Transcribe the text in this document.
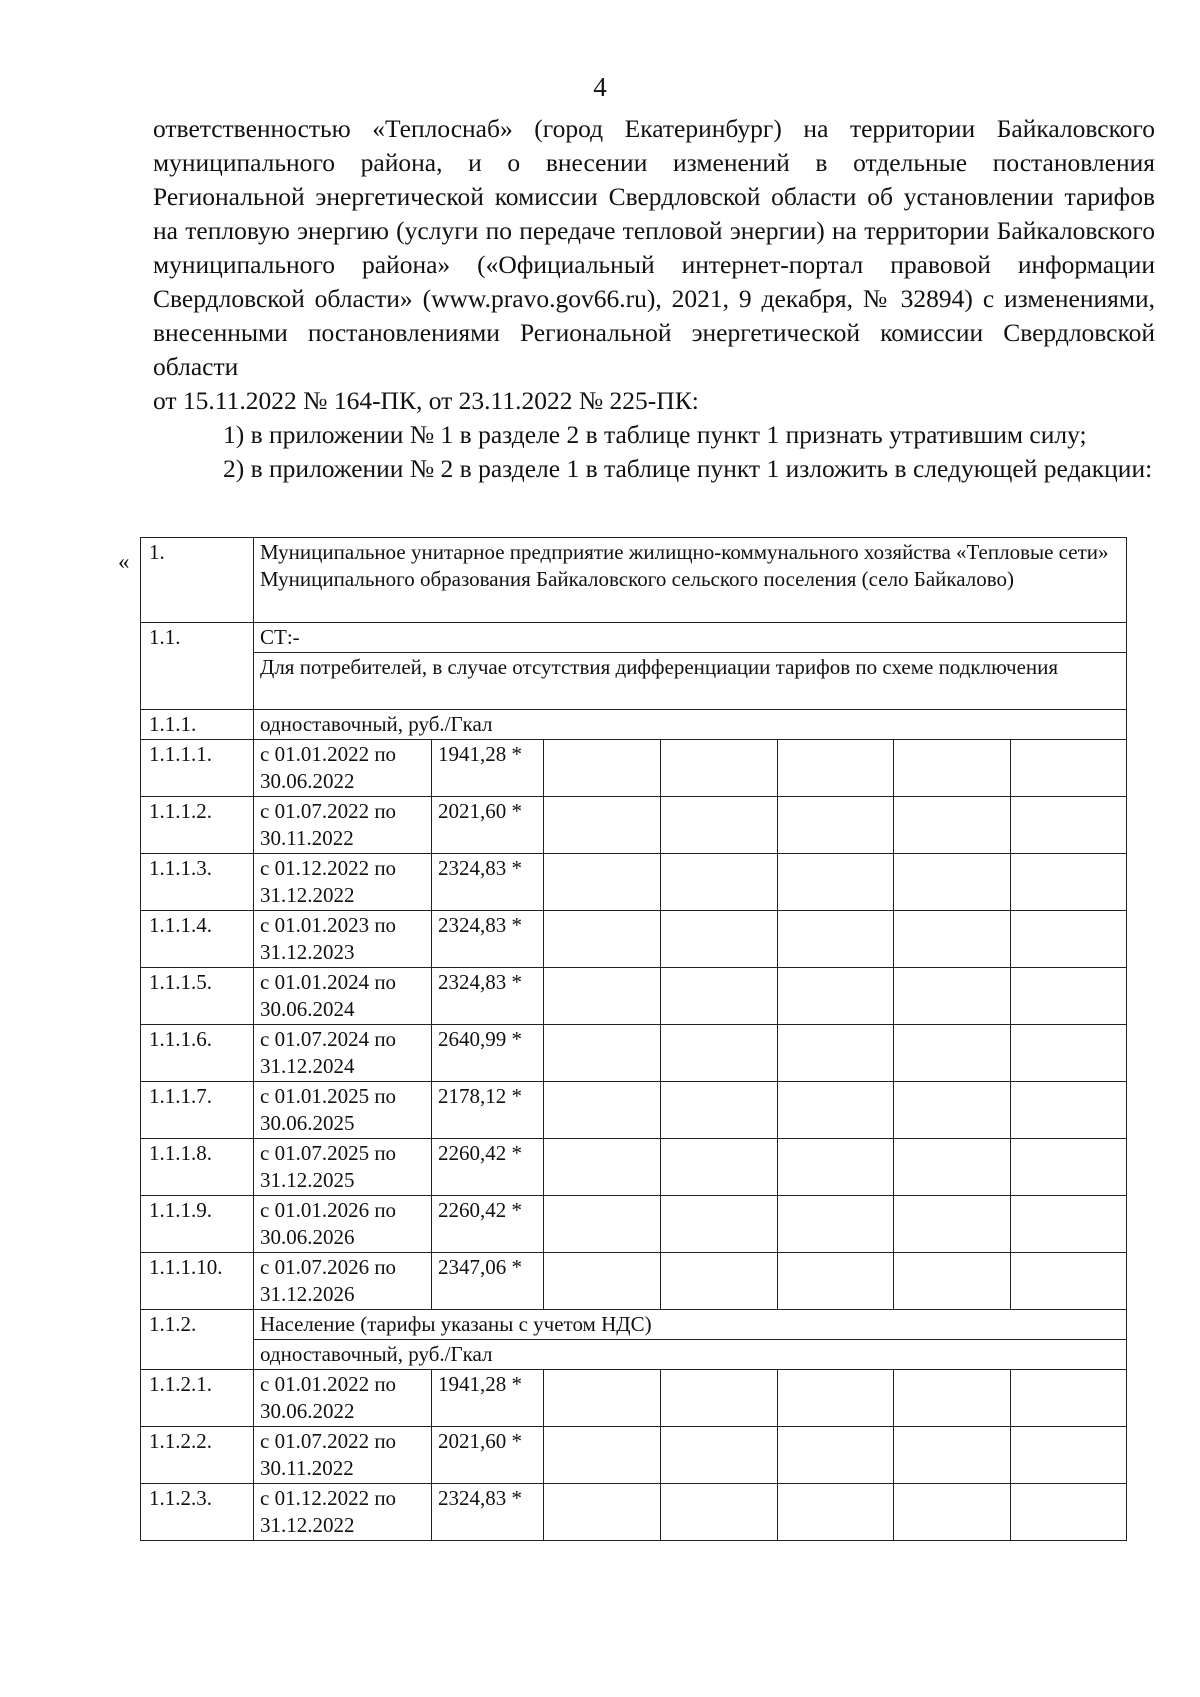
4

ответственностью «Теплоснаб» (город Екатеринбург) на территории Байкаловского муниципального района, и о внесении изменений в отдельные постановления Региональной энергетической комиссии Свердловской области об установлении тарифов на тепловую энергию (услуги по передаче тепловой энергии) на территории Байкаловского муниципального района» («Официальный интернет-портал правовой информации Свердловской области» (www.pravo.gov66.ru), 2021, 9 декабря, № 32894) с изменениями, внесенными постановлениями Региональной энергетической комиссии Свердловской области

от 15.11.2022 № 164-ПК, от 23.11.2022 № 225-ПК:

1) в приложении № 1 в разделе 2 в таблице пункт 1 признать утратившим силу;

2) в приложении № 2 в разделе 1 в таблице пункт 1 изложить в следующей редакции:

« 1.	Муниципальное унитарное предприятие жилищно-коммунального хозяйства «Тепловые сети» Муниципального образования Байкаловского сельского поселения (село Байкалово)						
1.1.	СТ:-						
	Для потребителей, в случае отсутствия дифференциации тарифов по схеме подключения						
1.1.1.	одноставочный, руб./Гкал						
1.1.1.1.	с 01.01.2022 по 30.06.2022	1941,28 *					
1.1.1.2.	с 01.07.2022 по 30.11.2022	2021,60 *					
1.1.1.3.	с 01.12.2022 по 31.12.2022	2324,83 *					
1.1.1.4.	с 01.01.2023 по 31.12.2023	2324,83 *					
1.1.1.5.	с 01.01.2024 по 30.06.2024	2324,83 *					
1.1.1.6.	с 01.07.2024 по 31.12.2024	2640,99 *					
1.1.1.7.	с 01.01.2025 по 30.06.2025	2178,12 *					
1.1.1.8.	с 01.07.2025 по 31.12.2025	2260,42 *					
1.1.1.9.	с 01.01.2026 по 30.06.2026	2260,42 *					
1.1.1.10.	с 01.07.2026 по 31.12.2026	2347,06 *					
1.1.2.	Население (тарифы указаны с учетом НДС)						
	одноставочный, руб./Гкал						
1.1.2.1.	с 01.01.2022 по 30.06.2022	1941,28 *					
1.1.2.2.	с 01.07.2022 по 30.11.2022	2021,60 *					
1.1.2.3.	с 01.12.2022 по 31.12.2022	2324,83 *					
